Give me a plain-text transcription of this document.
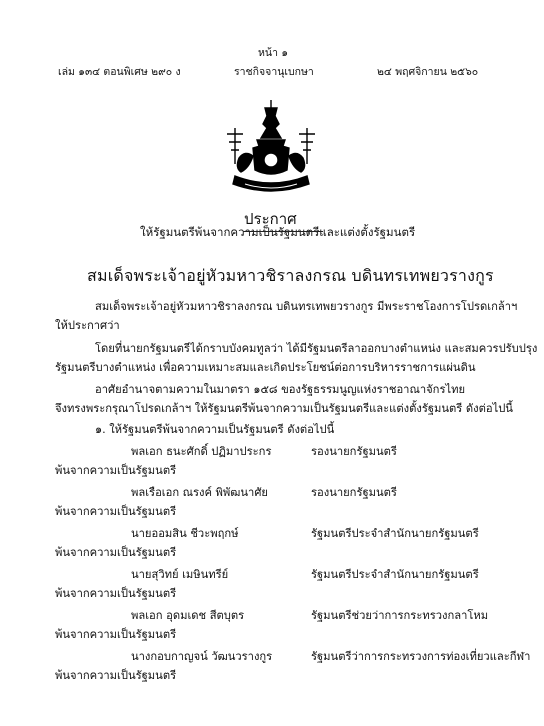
หน้า ๑
เล่ม ๑๓๔ ตอนพิเศษ ๒๙๐ ง	ราชกิจจานุเบกษา	๒๔ พฤศจิกายน ๒๕๖๐
ประกาศ
ให้รัฐมนตรีพ้นจากความเป็นรัฐมนตรีและแต่งตั้งรัฐมนตรี
สมเด็จพระเจ้าอยู่หัวมหาวชิราลงกรณ บดินทรเทพยวรางกูร
สมเด็จพระเจ้าอยู่หัวมหาวชิราลงกรณ บดินทรเทพยวรางกูร มีพระราชโองการโปรดเกล้าฯ
ให้ประกาศว่า
โดยที่นายกรัฐมนตรีได้กราบบังคมทูลว่า ได้มีรัฐมนตรีลาออกบางตำแหน่ง และสมควรปรับปรุง
รัฐมนตรีบางตำแหน่ง เพื่อความเหมาะสมและเกิดประโยชน์ต่อการบริหารราชการแผ่นดิน
อาศัยอำนาจตามความในมาตรา ๑๕๘ ของรัฐธรรมนูญแห่งราชอาณาจักรไทย
จึงทรงพระกรุณาโปรดเกล้าฯ ให้รัฐมนตรีพ้นจากความเป็นรัฐมนตรีและแต่งตั้งรัฐมนตรี ดังต่อไปนี้
๑. ให้รัฐมนตรีพ้นจากความเป็นรัฐมนตรี ดังต่อไปนี้
พลเอก ธนะศักดิ์ ปฏิมาประกร	รองนายกรัฐมนตรี
พ้นจากความเป็นรัฐมนตรี
พลเรือเอก ณรงค์ พิพัฒนาศัย	รองนายกรัฐมนตรี
พ้นจากความเป็นรัฐมนตรี
นายออมสิน ชีวะพฤกษ์	รัฐมนตรีประจำสำนักนายกรัฐมนตรี
พ้นจากความเป็นรัฐมนตรี
นายสุวิทย์ เมษินทรีย์	รัฐมนตรีประจำสำนักนายกรัฐมนตรี
พ้นจากความเป็นรัฐมนตรี
พลเอก อุดมเดช สีตบุตร	รัฐมนตรีช่วยว่าการกระทรวงกลาโหม
พ้นจากความเป็นรัฐมนตรี
นางกอบกาญจน์ วัฒนวรางกูร	รัฐมนตรีว่าการกระทรวงการท่องเที่ยวและกีฬา
พ้นจากความเป็นรัฐมนตรี
